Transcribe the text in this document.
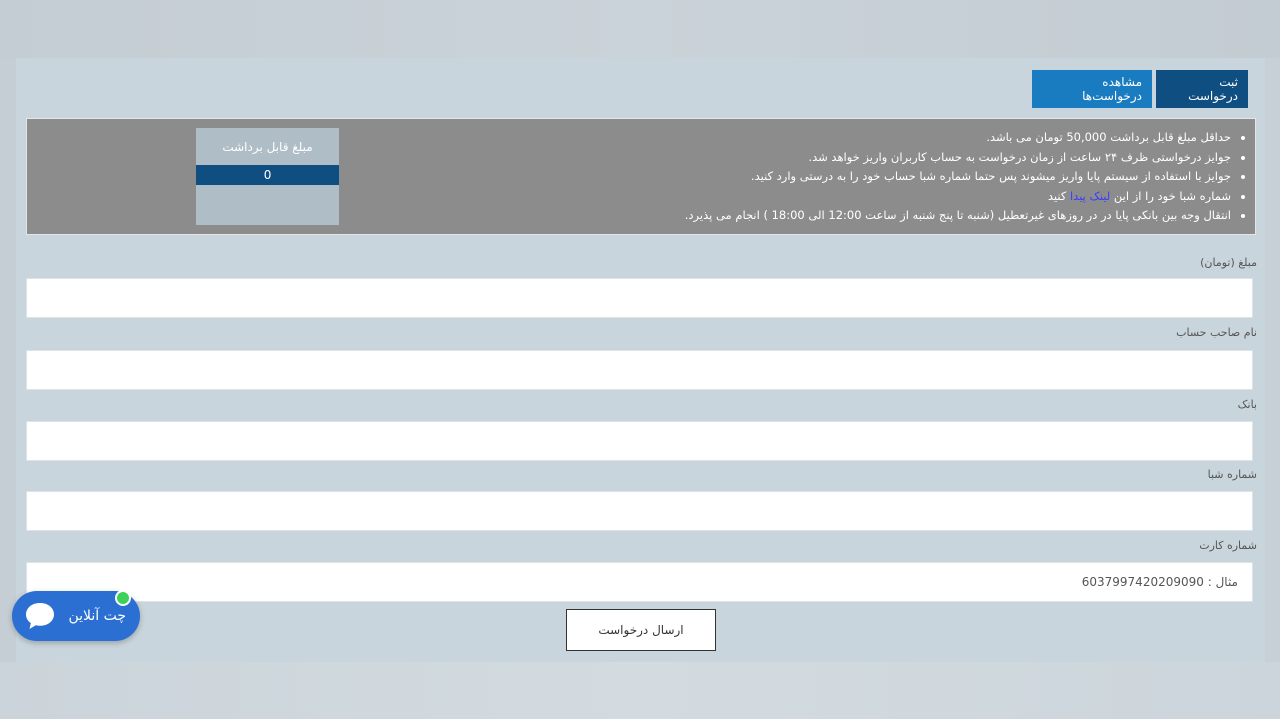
ثبت درخواست
مشاهده درخواست‌ها
• حداقل مبلغ قابل برداشت 50,000 تومان می باشد.
• جوایز درخواستی ظرف ۲۴ ساعت از زمان درخواست به حساب کاربران واریز خواهد شد.
• جوایز با استفاده از سیستم پایا واریز میشوند پس حتما شماره شبا حساب خود را به درستی وارد کنید.
• شماره شبا خود را از این لینک پیدا کنید
• انتقال وجه بین بانکی پایا در در روزهای غیرتعطیل (شنبه تا پنج شنبه از ساعت 12:00 الی 18:00 ) انجام می پذیرد.
مبلغ قابل برداشت
0
مبلغ (تومان)
نام صاحب حساب
بانک
شماره شبا
شماره کارت
مثال : 6037997420209090
ارسال درخواست
چت آنلاین
